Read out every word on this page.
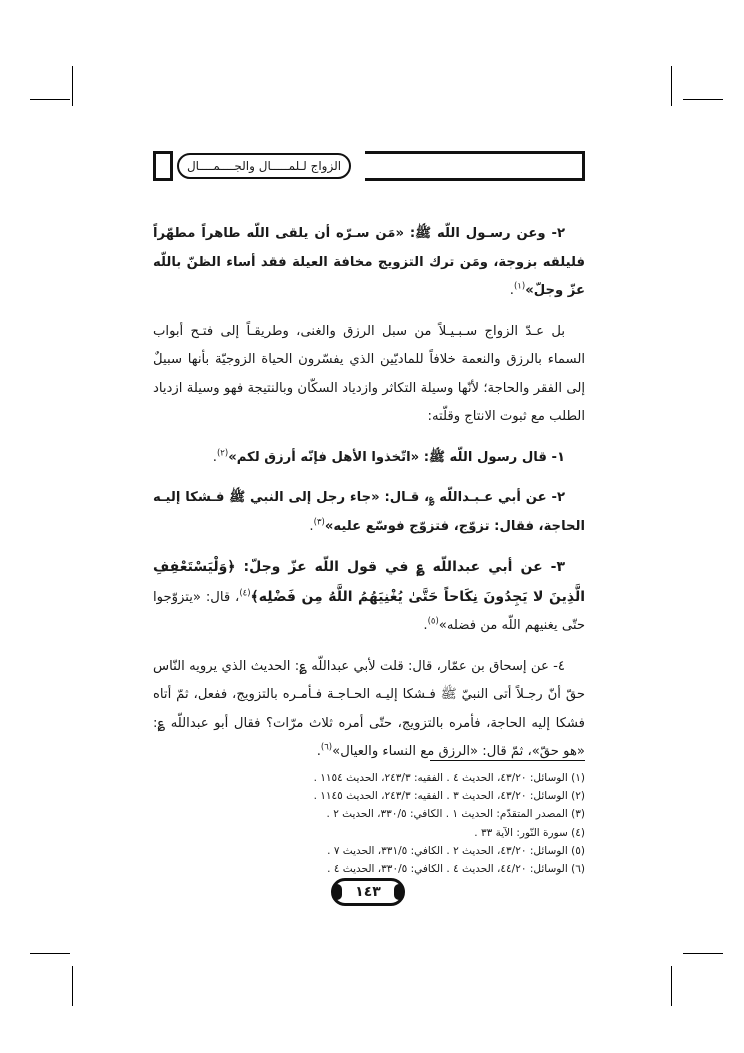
الزواج لـلمـــــال والجــــمــــال

٢- وعن رسـول اللّه ﷺ: «مَن سـرّه أن يلقى اللّه طاهراً مطهّراً فليلقه بزوجة، ومَن ترك التزويج مخافة العيلة فقد أساء الظنّ باللّه عزّ وجلّ»$^{(١)}$.

بل عـدّ الزواج سـبـيـلاً من سبل الرزق والغنى، وطريقـاً إلى فتـح أبواب السماء بالرزق والنعمة خلافاً للماديّين الذي يفسّرون الحياة الزوجيّة بأنها سبيلٌ إلى الفقر والحاجة؛ لأنّها وسيلة التكاثر وازدياد السكّان وبالنتيجة فهو وسيلة ازدياد الطلب مع ثبوت الانتاج وقلّته:

١- قال رسول اللّه ﷺ: «اتّخذوا الأهل فإنّه أرزق لكم»$^{(٢)}$.

٢- عن أبي عـبـداللّه ؏، قـال: «جاء رجل إلى النبي ﷺ فـشكا إليـه الحاجة، فقال: تزوّج، فتزوّج فوسّع عليه»$^{(٣)}$.

٣- عن أبي عبداللّه ؏ في قول اللّه عزّ وجلّ: ﴿وَلْيَسْتَعْفِفِ الَّذِينَ لا يَجِدُونَ نِكَاحاً حَتَّىٰ يُغْنِيَهُمُ اللَّهُ مِن فَضْلِه﴾$^{(٤)}$، قال: «يتزوّجوا حتّى يغنيهم اللّه من فضله»$^{(٥)}$.

٤- عن إسحاق بن عمّار، قال: قلت لأبي عبداللّه ؏: الحديث الذي يرويه النّاس حقّ أنّ رجـلاً أتى النبيّ ﷺ فـشكا إليـه الحـاجـة فـأمـره بالتزويج، ففعل، ثمّ أتاه فشكا إليه الحاجة، فأمره بالتزويج، حتّى أمره ثلاث مرّات؟ فقال أبو عبداللّه ؏: «هو حقّ»، ثمّ قال: «الرزق مع النساء والعيال»$^{(٦)}$.

(١) الوسائل: ٤٣/٢٠، الحديث ٤ . الفقيه: ٢٤٣/٣، الحديث ١١٥٤ .
(٢) الوسائل: ٤٣/٢٠، الحديث ٣ . الفقيه: ٢٤٣/٣، الحديث ١١٤٥ .
(٣) المصدر المتقدّم: الحديث ١ . الكافي: ٣٣٠/٥، الحديث ٢ .
(٤) سورة النّور: الآية ٣٣ .
(٥) الوسائل: ٤٣/٢٠، الحديث ٢ . الكافي: ٣٣١/٥، الحديث ٧ .
(٦) الوسائل: ٤٤/٢٠، الحديث ٤ . الكافي: ٣٣٠/٥، الحديث ٤ .
١٤٣
